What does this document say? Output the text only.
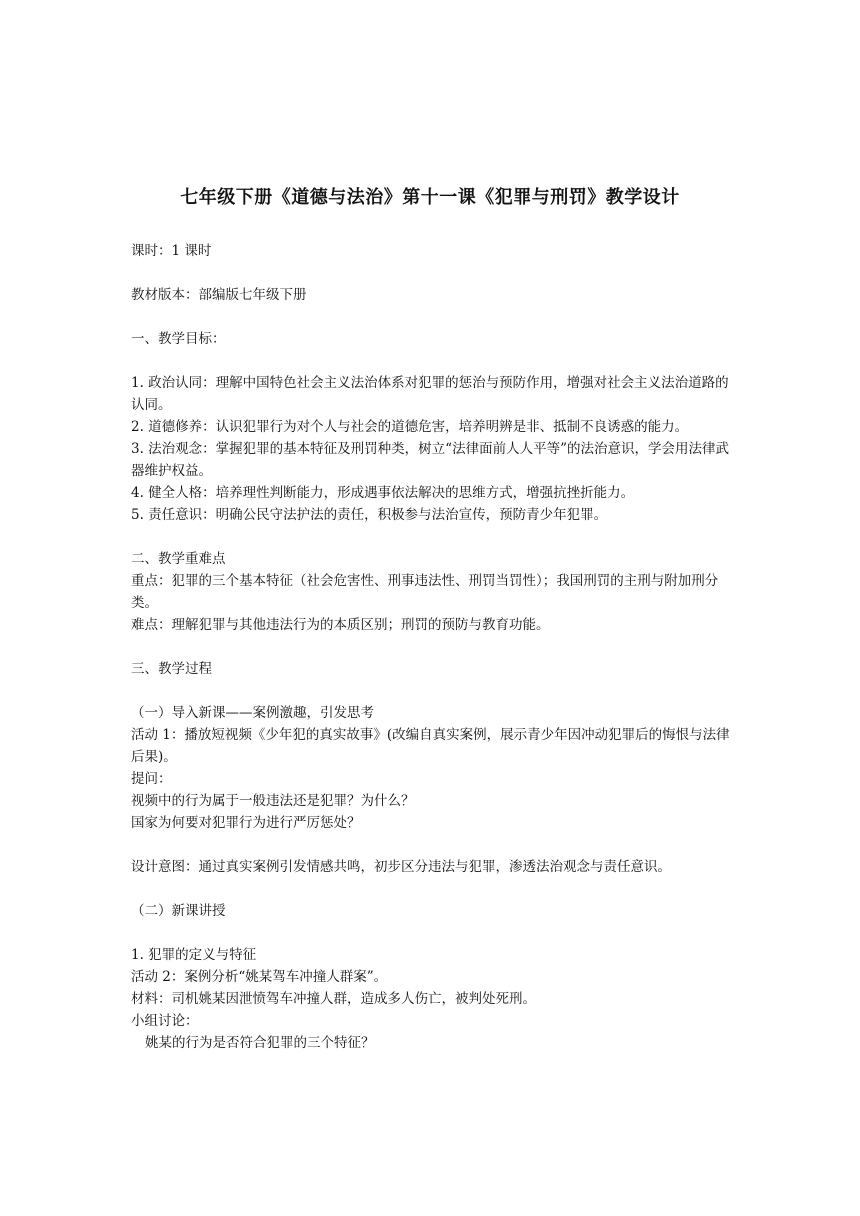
七年级下册《道德与法治》第十一课《犯罪与刑罚》教学设计

课时：1 课时

教材版本：部编版七年级下册

一、教学目标：

1. 政治认同：理解中国特色社会主义法治体系对犯罪的惩治与预防作用，增强对社会主义法治道路的认同。

2. 道德修养：认识犯罪行为对个人与社会的道德危害，培养明辨是非、抵制不良诱惑的能力。

3. 法治观念：掌握犯罪的基本特征及刑罚种类，树立“法律面前人人平等”的法治意识，学会用法律武器维护权益。

4. 健全人格：培养理性判断能力，形成遇事依法解决的思维方式，增强抗挫折能力。

5. 责任意识：明确公民守法护法的责任，积极参与法治宣传，预防青少年犯罪。

二、教学重难点

重点：犯罪的三个基本特征（社会危害性、刑事违法性、刑罚当罚性）；我国刑罚的主刑与附加刑分类。

难点：理解犯罪与其他违法行为的本质区别；刑罚的预防与教育功能。

三、教学过程

（一）导入新课——案例激趣，引发思考

活动 1：播放短视频《少年犯的真实故事》(改编自真实案例，展示青少年因冲动犯罪后的悔恨与法律后果)。

提问：

视频中的行为属于一般违法还是犯罪？为什么？

国家为何要对犯罪行为进行严厉惩处？

设计意图：通过真实案例引发情感共鸣，初步区分违法与犯罪，渗透法治观念与责任意识。

（二）新课讲授

1. 犯罪的定义与特征

活动 2：案例分析“姚某驾车冲撞人群案”。

材料：司机姚某因泄愤驾车冲撞人群，造成多人伤亡，被判处死刑。

小组讨论：

姚某的行为是否符合犯罪的三个特征？
